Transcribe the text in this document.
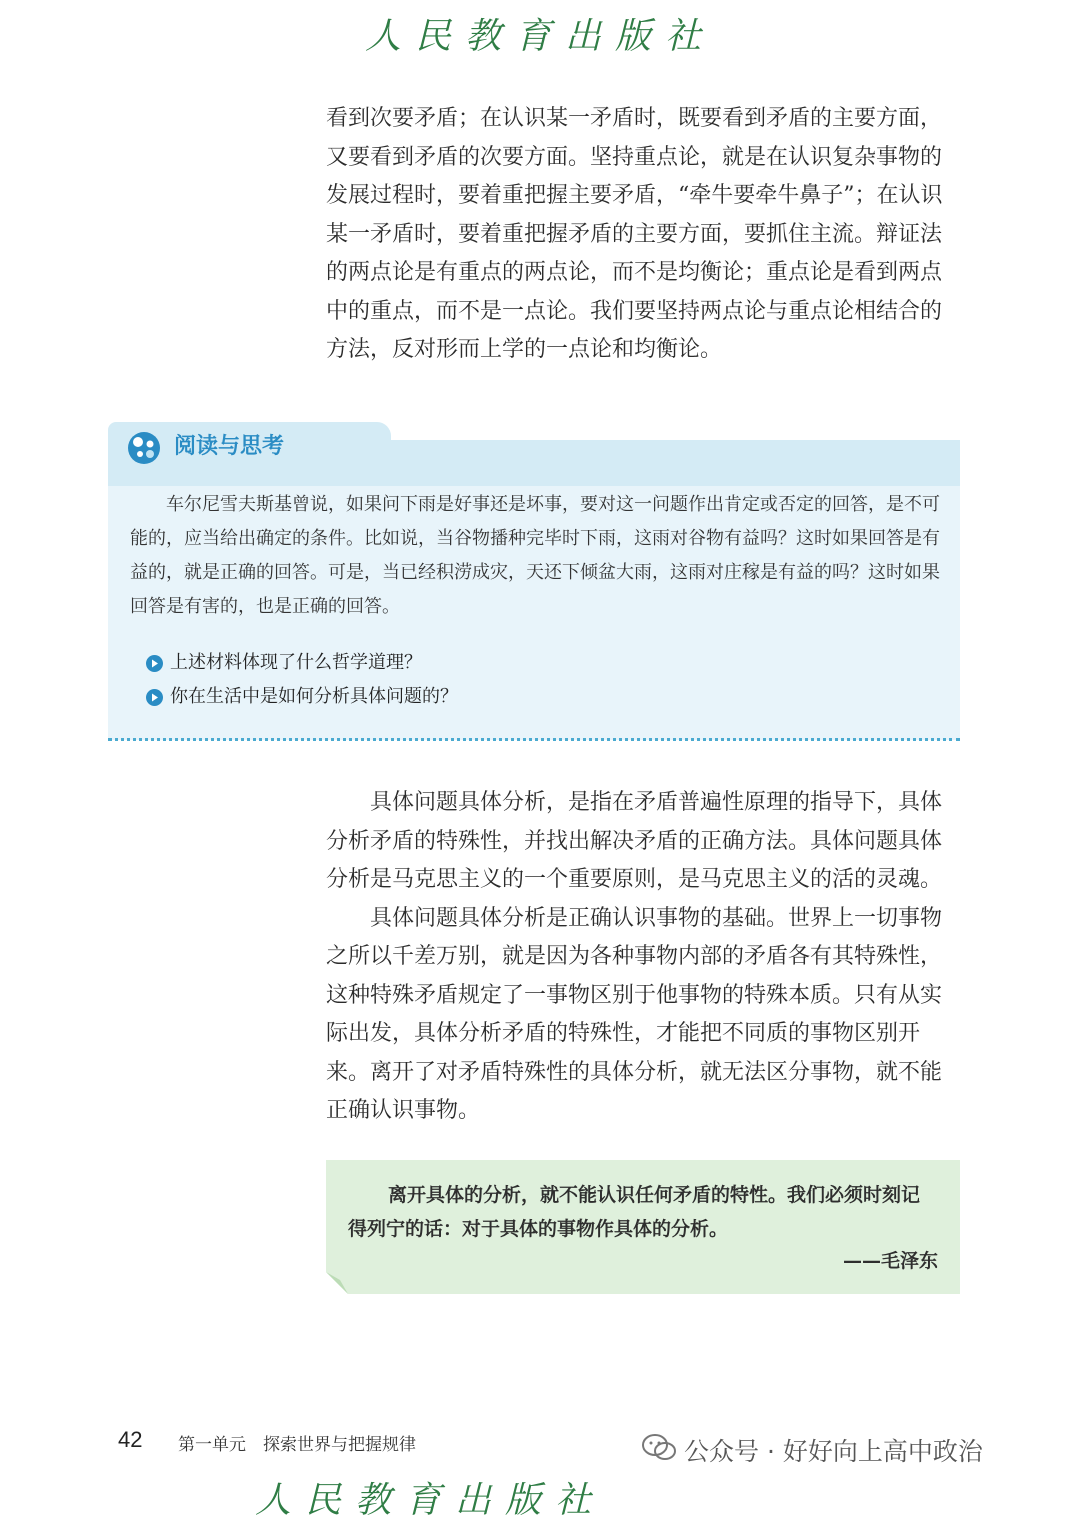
人民教育出版社

看到次要矛盾；在认识某一矛盾时，既要看到矛盾的主要方面，又要看到矛盾的次要方面。坚持重点论，就是在认识复杂事物的发展过程时，要着重把握主要矛盾，“牵牛要牵牛鼻子”；在认识某一矛盾时，要着重把握矛盾的主要方面，要抓住主流。辩证法的两点论是有重点的两点论，而不是均衡论；重点论是看到两点中的重点，而不是一点论。我们要坚持两点论与重点论相结合的方法，反对形而上学的一点论和均衡论。

阅读与思考

车尔尼雪夫斯基曾说，如果问下雨是好事还是坏事，要对这一问题作出肯定或否定的回答，是不可能的，应当给出确定的条件。比如说，当谷物播种完毕时下雨，这雨对谷物有益吗？这时如果回答是有益的，就是正确的回答。可是，当已经积涝成灾，天还下倾盆大雨，这雨对庄稼是有益的吗？这时如果回答是有害的，也是正确的回答。

上述材料体现了什么哲学道理？
你在生活中是如何分析具体问题的？

具体问题具体分析，是指在矛盾普遍性原理的指导下，具体分析矛盾的特殊性，并找出解决矛盾的正确方法。具体问题具体分析是马克思主义的一个重要原则，是马克思主义的活的灵魂。

具体问题具体分析是正确认识事物的基础。世界上一切事物之所以千差万别，就是因为各种事物内部的矛盾各有其特殊性，这种特殊矛盾规定了一事物区别于他事物的特殊本质。只有从实际出发，具体分析矛盾的特殊性，才能把不同质的事物区别开来。离开了对矛盾特殊性的具体分析，就无法区分事物，就不能正确认识事物。

离开具体的分析，就不能认识任何矛盾的特性。我们必须时刻记得列宁的话：对于具体的事物作具体的分析。
——毛泽东
42 第一单元　探索世界与把握规律
人民教育出版社
公众号 · 好好向上高中政治
